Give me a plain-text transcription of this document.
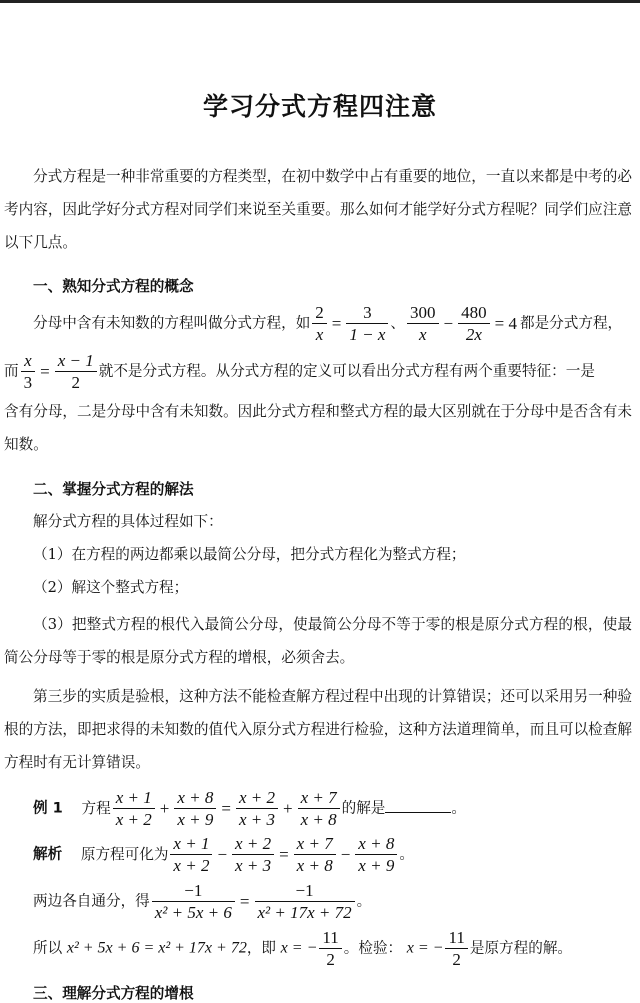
学习分式方程四注意
分式方程是一种非常重要的方程类型，在初中数学中占有重要的地位，一直以来都是中考的必考内容，因此学好分式方程对同学们来说至关重要。那么如何才能学好分式方程呢？同学们应注意以下几点。
一、熟知分式方程的概念
分母中含有未知数的方程叫做分式方程，如 $\frac{2}{x} = \frac{3}{1 - x}$ 、 $\frac{300}{x} - \frac{480}{2x} = 4$ 都是分式方程，
而 $\frac{x}{3} = \frac{x - 1}{2}$ 就不是分式方程。从分式方程的定义可以看出分式方程有两个重要特征：一是
含有分母，二是分母中含有未知数。因此分式方程和整式方程的最大区别就在于分母中是否含有未知数。
二、掌握分式方程的解法
解分式方程的具体过程如下：
（1）在方程的两边都乘以最简公分母，把分式方程化为整式方程；
（2）解这个整式方程；
（3）把整式方程的根代入最简公分母，使最简公分母不等于零的根是原分式方程的根，使最简公分母等于零的根是原分式方程的增根，必须舍去。
第三步的实质是验根，这种方法不能检查解方程过程中出现的计算错误；还可以采用另一种验根的方法，即把求得的未知数的值代入原分式方程进行检验，这种方法道理简单，而且可以检查解方程时有无计算错误。
例 1 方程 $\frac{x + 1}{x + 2} + \frac{x + 8}{x + 9} = \frac{x + 2}{x + 3} + \frac{x + 7}{x + 8}$ 的解是	。
解析 原方程可化为 $\frac{x + 1}{x + 2} - \frac{x + 2}{x + 3} = \frac{x + 7}{x + 8} - \frac{x + 8}{x + 9}$ 。
两边各自通分，得 $\frac{-1}{\text{x² + 5x + 6}} = \frac{-1}{\text{x² + 17x + 72}}$ 。
所以 x² + 5x + 6 = x² + 17x + 72，即 x = − $\frac{11}{2}$ 。检验： x = − $\frac{11}{2}$ 是原方程的解。
三、理解分式方程的增根
